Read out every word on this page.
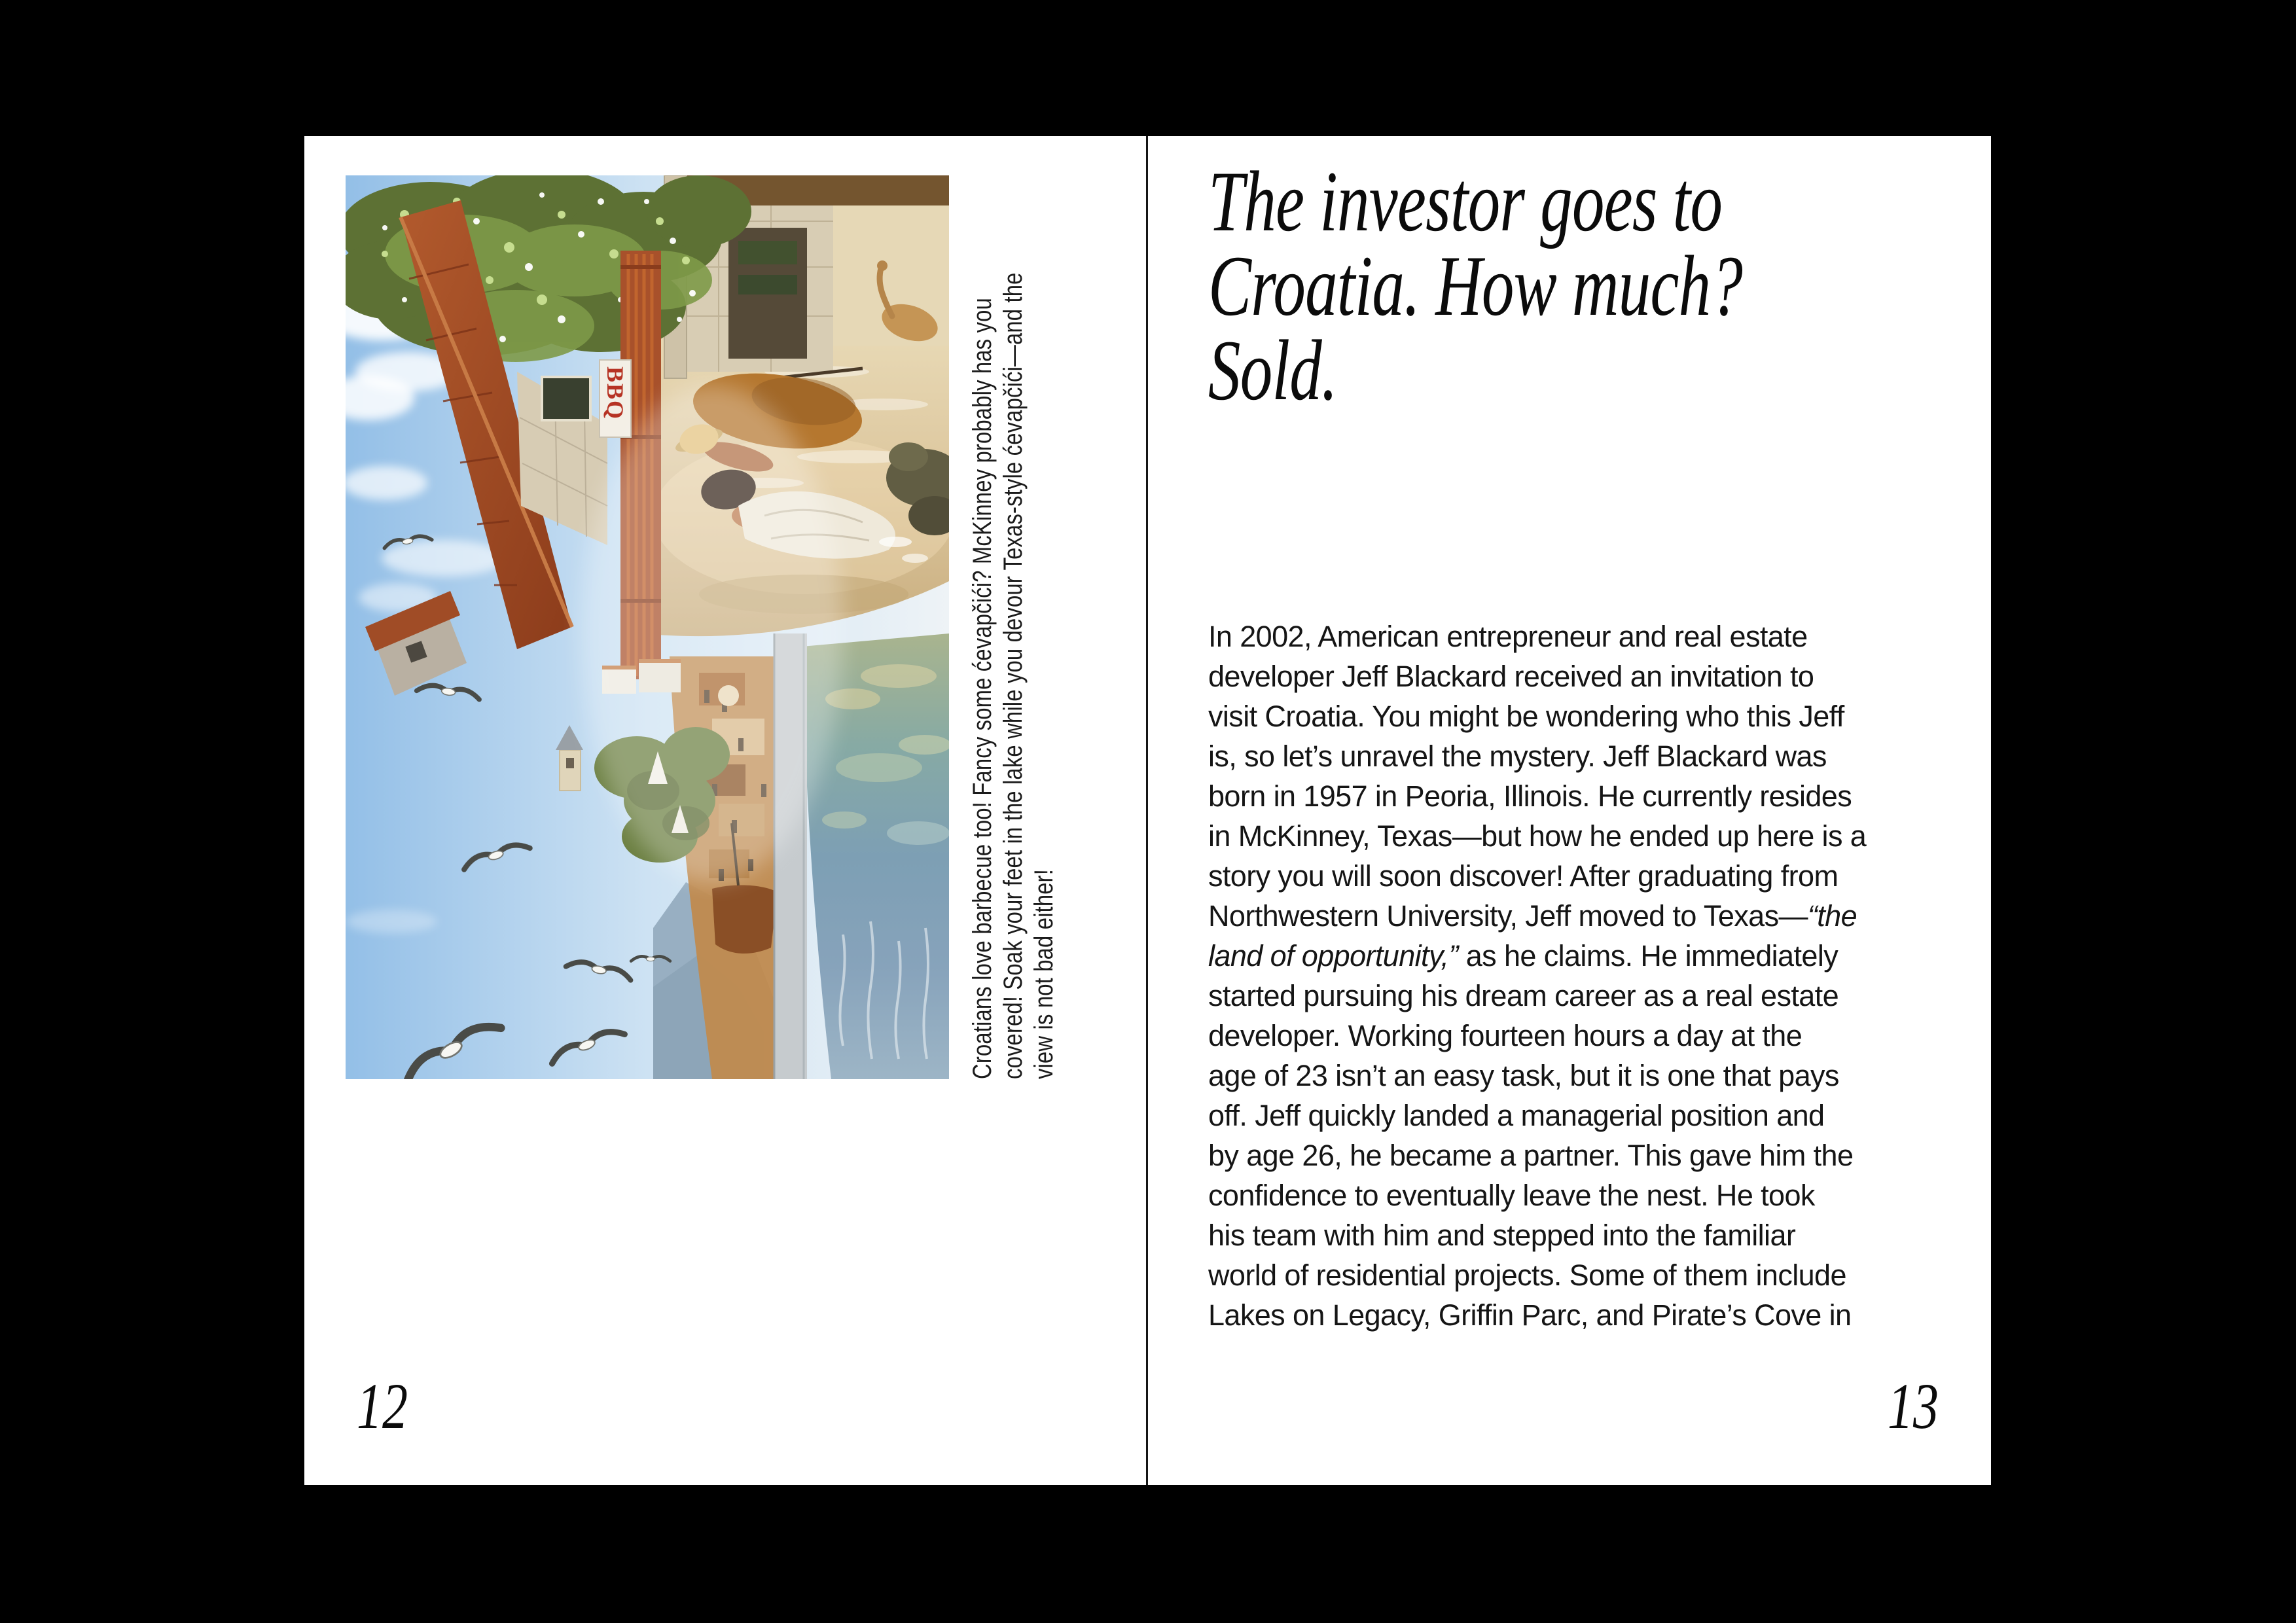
BBQ	Croatians love barbecue too! Fancy some ćevapčići? McKinney probably has you covered! Soak your feet in the lake while you devour Texas-style ćevapčići—and the view is not bad either!
12
The investor goes to
Croatia. How much?
Sold.
In 2002, American entrepreneur and real estate
developer Jeff Blackard received an invitation to
visit Croatia. You might be wondering who this Jeff
is, so let’s unravel the mystery. Jeff Blackard was
born in 1957 in Peoria, Illinois. He currently resides
in McKinney, Texas—but how he ended up here is a
story you will soon discover! After graduating from
Northwestern University, Jeff moved to Texas—“the
land of opportunity,” as he claims. He immediately
started pursuing his dream career as a real estate
developer. Working fourteen hours a day at the
age of 23 isn’t an easy task, but it is one that pays
off. Jeff quickly landed a managerial position and
by age 26, he became a partner. This gave him the
confidence to eventually leave the nest. He took
his team with him and stepped into the familiar
world of residential projects. Some of them include
Lakes on Legacy, Griffin Parc, and Pirate’s Cove in
13
